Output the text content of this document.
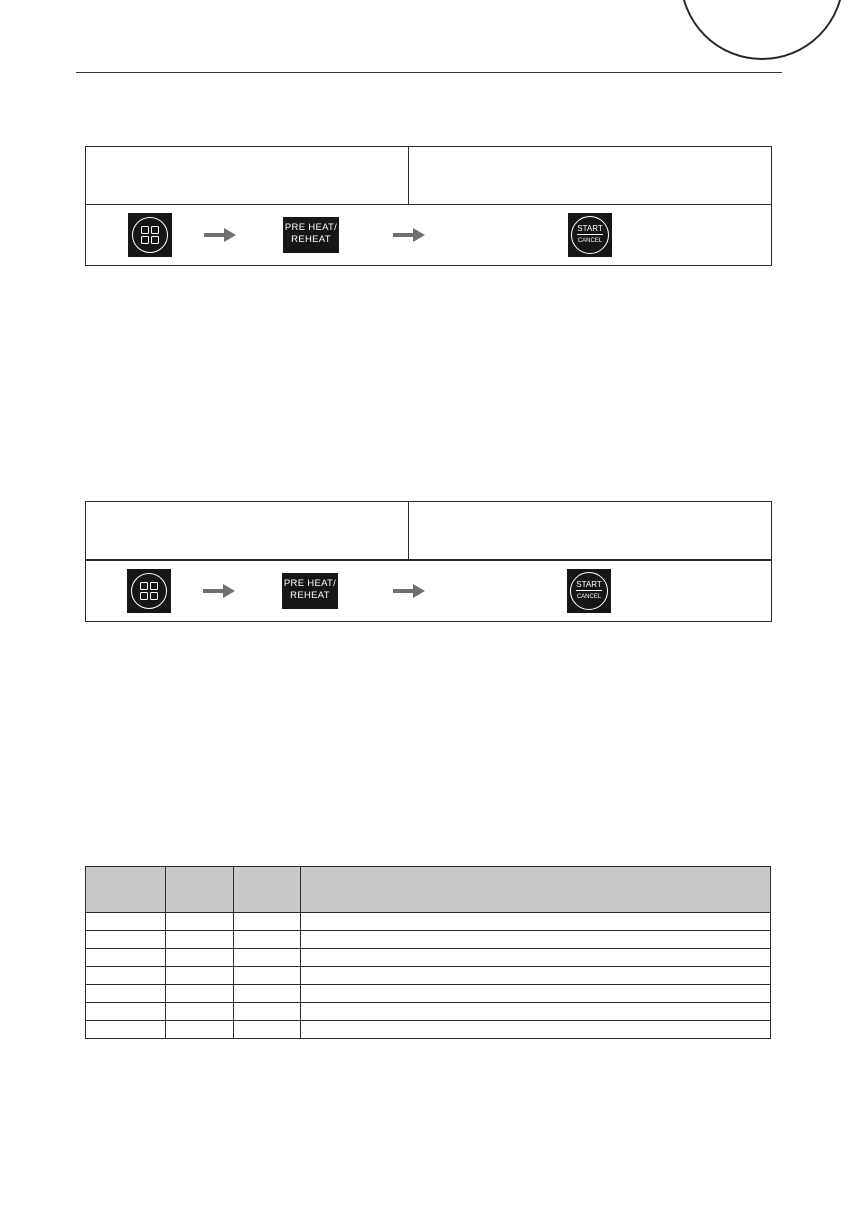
PRE HEAT/
REHEAT
START
CANCEL
PRE HEAT/
REHEAT
START
CANCEL
